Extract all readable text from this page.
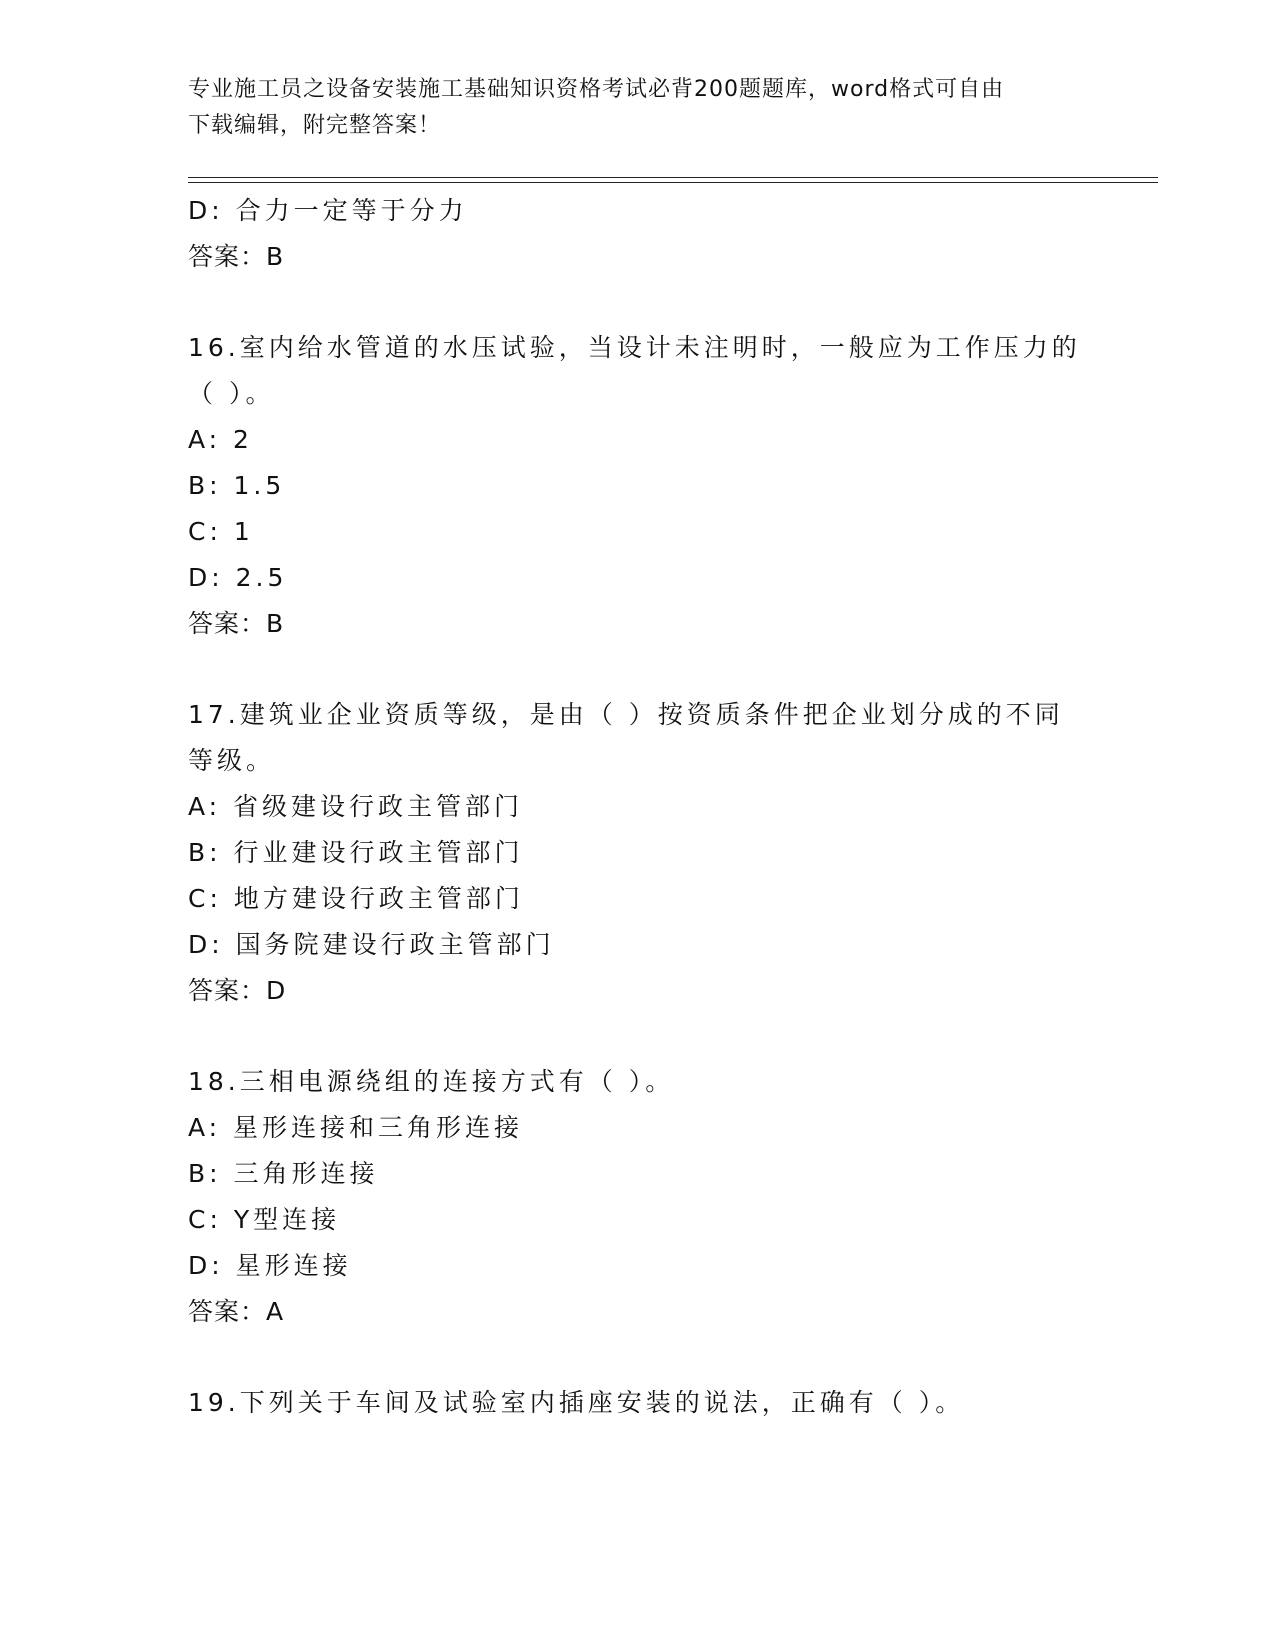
专业施工员之设备安装施工基础知识资格考试必背200题题库，word格式可自由
下载编辑，附完整答案！
D: 合力一定等于分力
答案：B
16.室内给水管道的水压试验，当设计未注明时，一般应为工作压力的
（ ）。
A: 2
B: 1.5
C: 1
D: 2.5
答案：B
17.建筑业企业资质等级，是由（ ）按资质条件把企业划分成的不同
等级。
A: 省级建设行政主管部门
B: 行业建设行政主管部门
C: 地方建设行政主管部门
D: 国务院建设行政主管部门
答案：D
18.三相电源绕组的连接方式有（ ）。
A: 星形连接和三角形连接
B: 三角形连接
C: Y型连接
D: 星形连接
答案：A
19.下列关于车间及试验室内插座安装的说法，正确有（ ）。
